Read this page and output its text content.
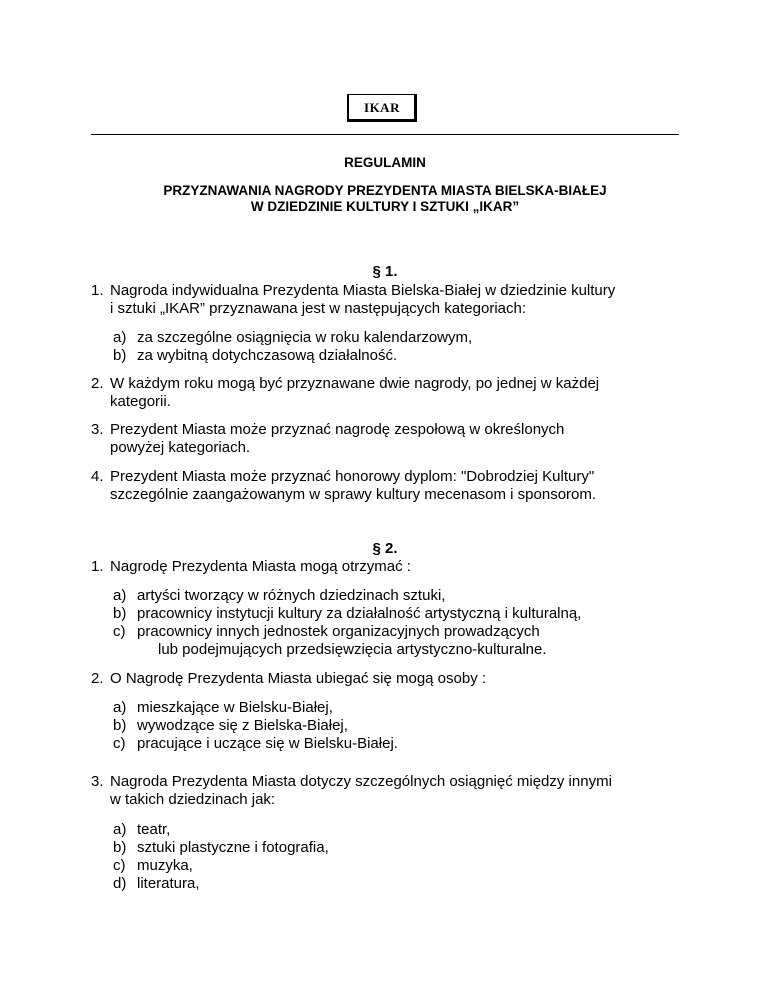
IKAR
REGULAMIN
PRZYZNAWANIA NAGRODY PREZYDENTA MIASTA BIELSKA-BIAŁEJ
W DZIEDZINIE KULTURY I SZTUKI „IKAR”
§ 1.
1. Nagroda indywidualna Prezydenta Miasta Bielska-Białej w dziedzinie kultury
i sztuki „IKAR” przyznawana jest w następujących kategoriach:
a) za szczególne osiągnięcia w roku kalendarzowym,
b) za wybitną dotychczasową działalność.
2. W każdym roku mogą być przyznawane dwie nagrody, po jednej w każdej
kategorii.
3. Prezydent Miasta może przyznać nagrodę zespołową w określonych
powyżej kategoriach.
4. Prezydent Miasta może przyznać honorowy dyplom: "Dobrodziej Kultury"
szczególnie zaangażowanym w sprawy kultury mecenasom i sponsorom.
§ 2.
1. Nagrodę Prezydenta Miasta mogą otrzymać :
a) artyści tworzący w różnych dziedzinach sztuki,
b) pracownicy instytucji kultury za działalność artystyczną i kulturalną,
c) pracownicy innych jednostek organizacyjnych prowadzących
lub podejmujących przedsięwzięcia artystyczno-kulturalne.
2. O Nagrodę Prezydenta Miasta ubiegać się mogą osoby :
a) mieszkające w Bielsku-Białej,
b) wywodzące się z Bielska-Białej,
c) pracujące i uczące się w Bielsku-Białej.
3. Nagroda Prezydenta Miasta dotyczy szczególnych osiągnięć między innymi
w takich dziedzinach jak:
a) teatr,
b) sztuki plastyczne i fotografia,
c) muzyka,
d) literatura,
